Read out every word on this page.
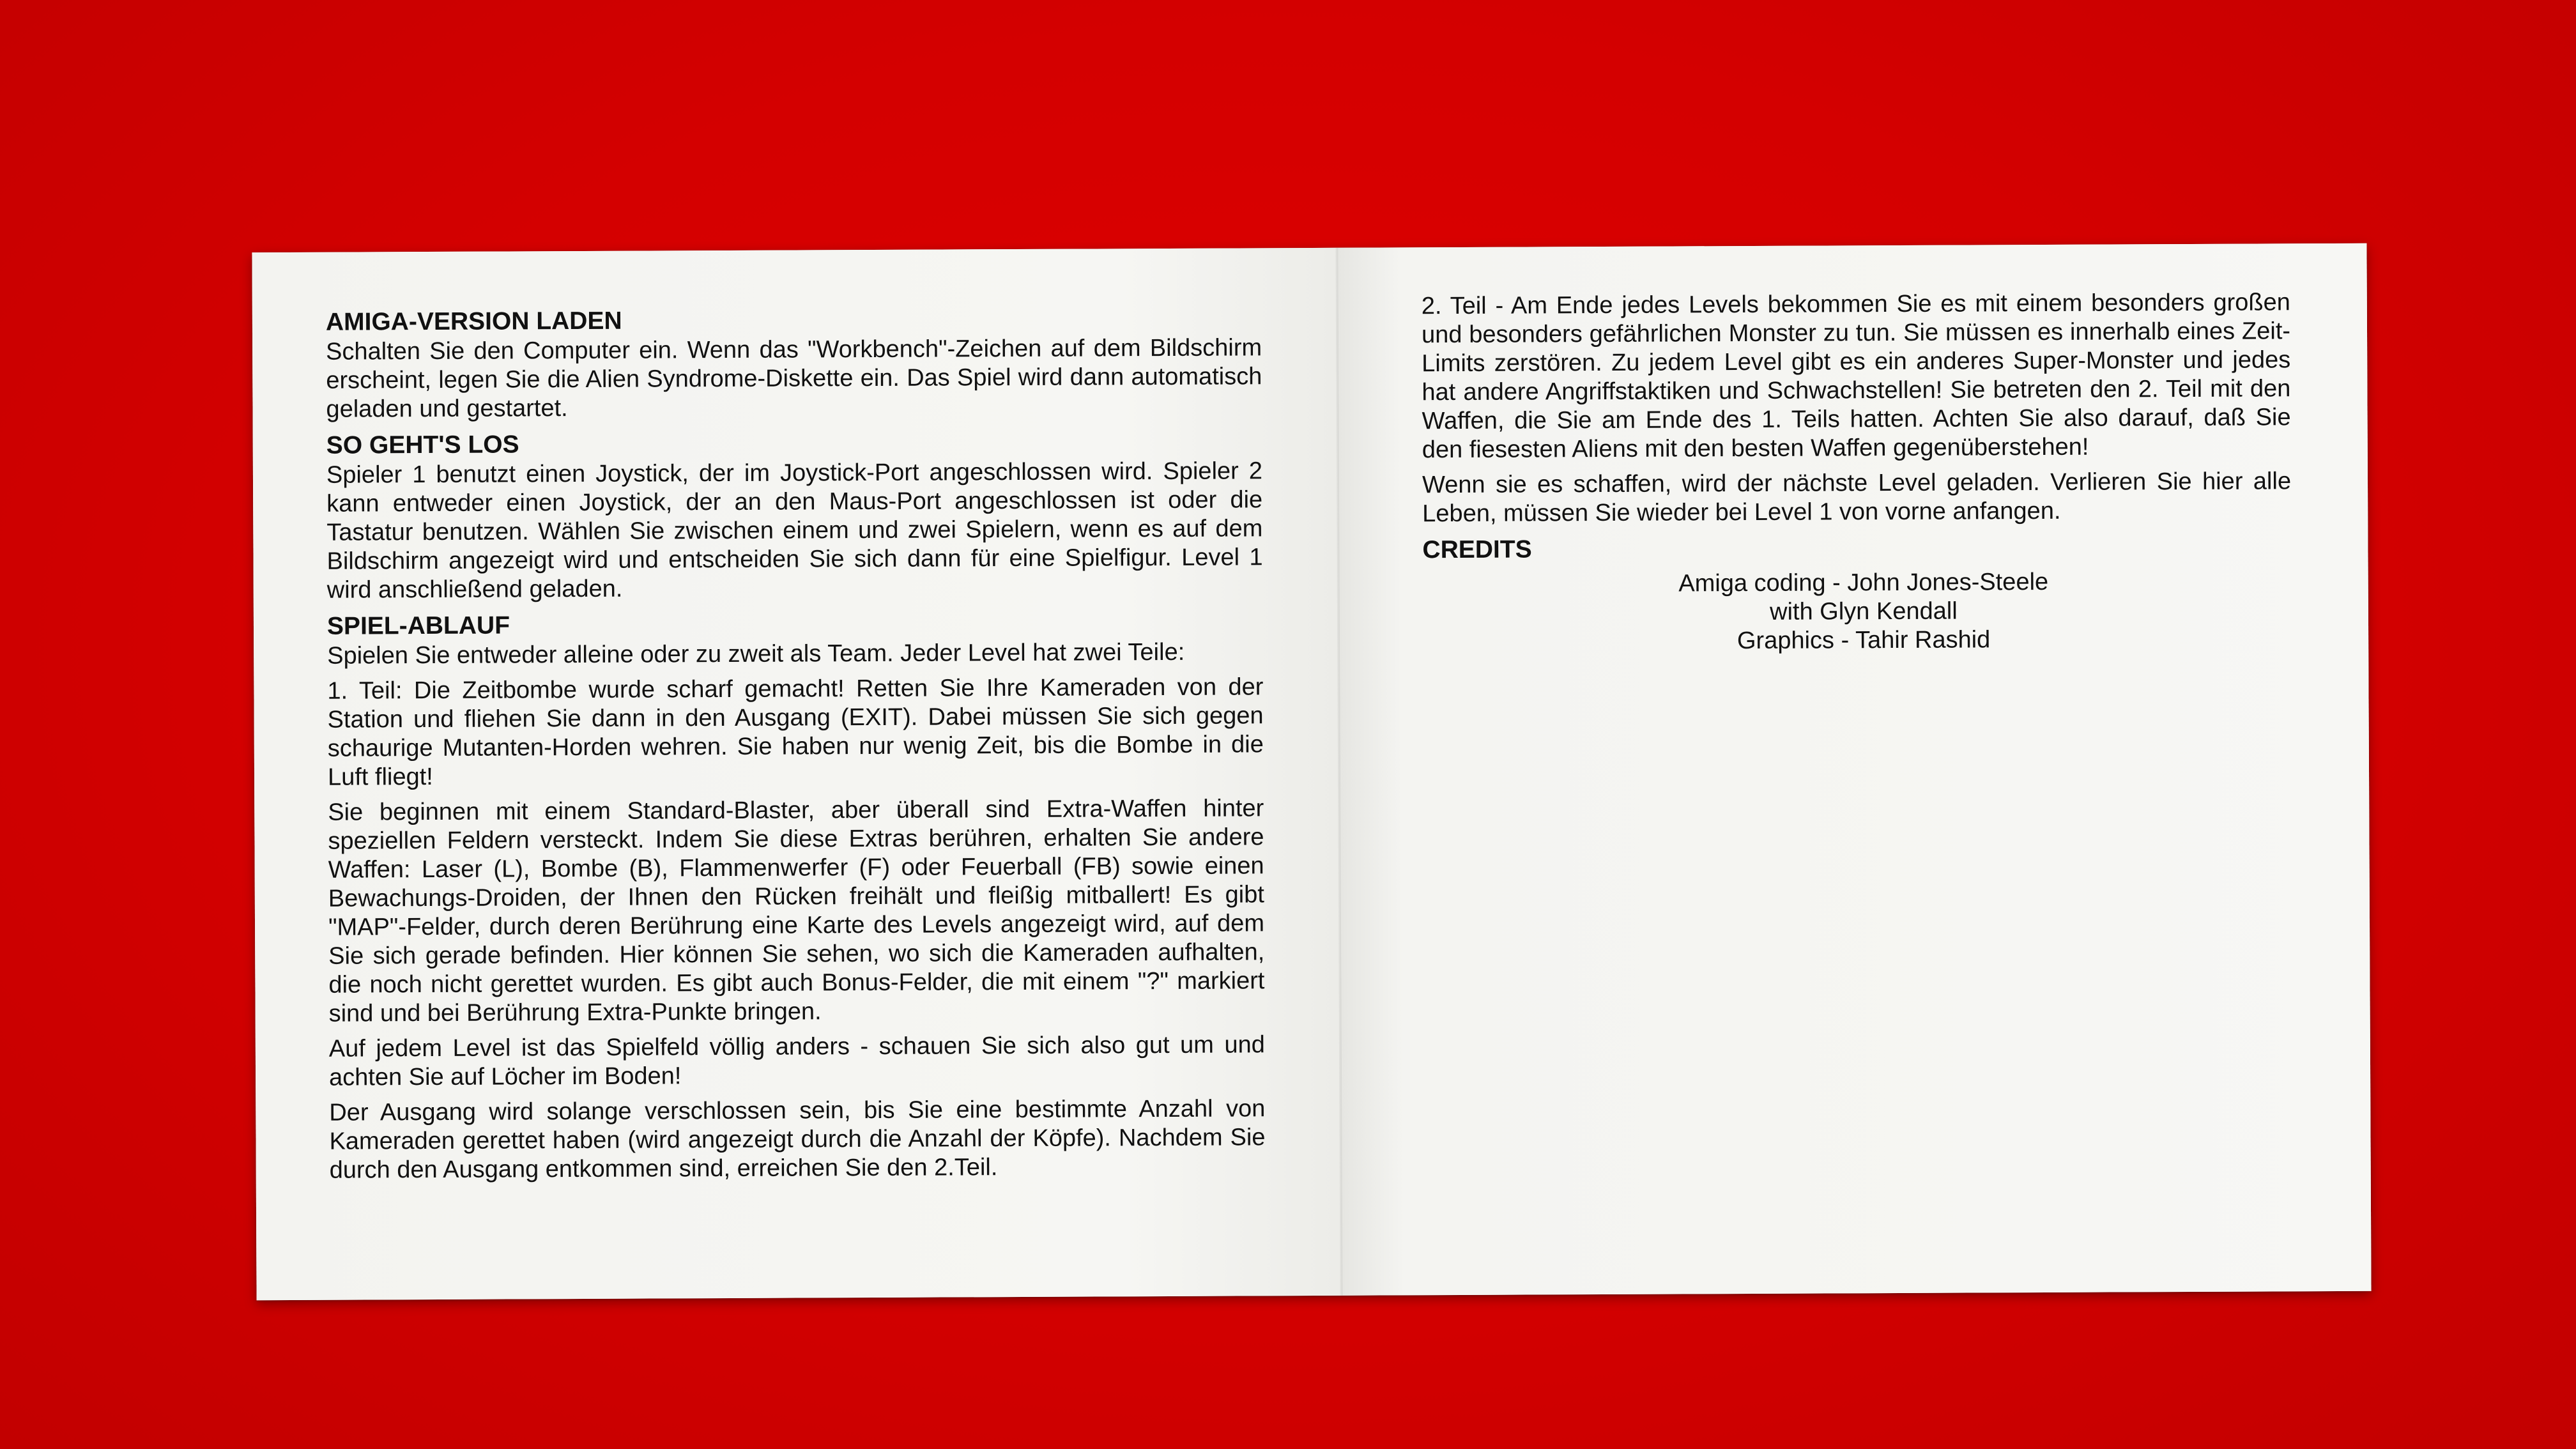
AMIGA-VERSION LADEN

Schalten Sie den Computer ein. Wenn das "Workbench"-Zeichen auf dem Bildschirm erscheint, legen Sie die Alien Syndrome-Diskette ein. Das Spiel wird dann automatisch geladen und gestartet.

SO GEHT'S LOS

Spieler 1 benutzt einen Joystick, der im Joystick-Port angeschlossen wird. Spieler 2 kann entweder einen Joystick, der an den Maus-Port angeschlossen ist oder die Tastatur benutzen. Wählen Sie zwischen einem und zwei Spielern, wenn es auf dem Bildschirm angezeigt wird und entscheiden Sie sich dann für eine Spielfigur. Level 1 wird anschließend geladen.

SPIEL-ABLAUF

Spielen Sie entweder alleine oder zu zweit als Team. Jeder Level hat zwei Teile:

1. Teil: Die Zeitbombe wurde scharf gemacht! Retten Sie Ihre Kameraden von der Station und fliehen Sie dann in den Ausgang (EXIT). Dabei müssen Sie sich gegen schaurige Mutanten-Horden wehren. Sie haben nur wenig Zeit, bis die Bombe in die Luft fliegt!

Sie beginnen mit einem Standard-Blaster, aber überall sind Extra-Waffen hinter speziellen Feldern versteckt. Indem Sie diese Extras berühren, erhalten Sie andere Waffen: Laser (L), Bombe (B), Flammenwerfer (F) oder Feuerball (FB) sowie einen Bewachungs-Droiden, der Ihnen den Rücken freihält und fleißig mitballert! Es gibt "MAP"-Felder, durch deren Berührung eine Karte des Levels angezeigt wird, auf dem Sie sich gerade befinden. Hier können Sie sehen, wo sich die Kameraden aufhalten, die noch nicht gerettet wurden. Es gibt auch Bonus-Felder, die mit einem "?" markiert sind und bei Berührung Extra-Punkte bringen.

Auf jedem Level ist das Spielfeld völlig anders - schauen Sie sich also gut um und achten Sie auf Löcher im Boden!

Der Ausgang wird solange verschlossen sein, bis Sie eine bestimmte Anzahl von Kameraden gerettet haben (wird angezeigt durch die Anzahl der Köpfe). Nachdem Sie durch den Ausgang entkommen sind, erreichen Sie den 2.Teil.

2. Teil - Am Ende jedes Levels bekommen Sie es mit einem besonders großen und besonders gefährlichen Monster zu tun. Sie müssen es innerhalb eines Zeit-Limits zerstören. Zu jedem Level gibt es ein anderes Super-Monster und jedes hat andere Angriffstaktiken und Schwachstellen! Sie betreten den 2. Teil mit den Waffen, die Sie am Ende des 1. Teils hatten. Achten Sie also darauf, daß Sie den fiesesten Aliens mit den besten Waffen gegenüberstehen!

Wenn sie es schaffen, wird der nächste Level geladen. Verlieren Sie hier alle Leben, müssen Sie wieder bei Level 1 von vorne anfangen.

CREDITS
Amiga coding - John Jones-Steele
with Glyn Kendall
Graphics - Tahir Rashid
